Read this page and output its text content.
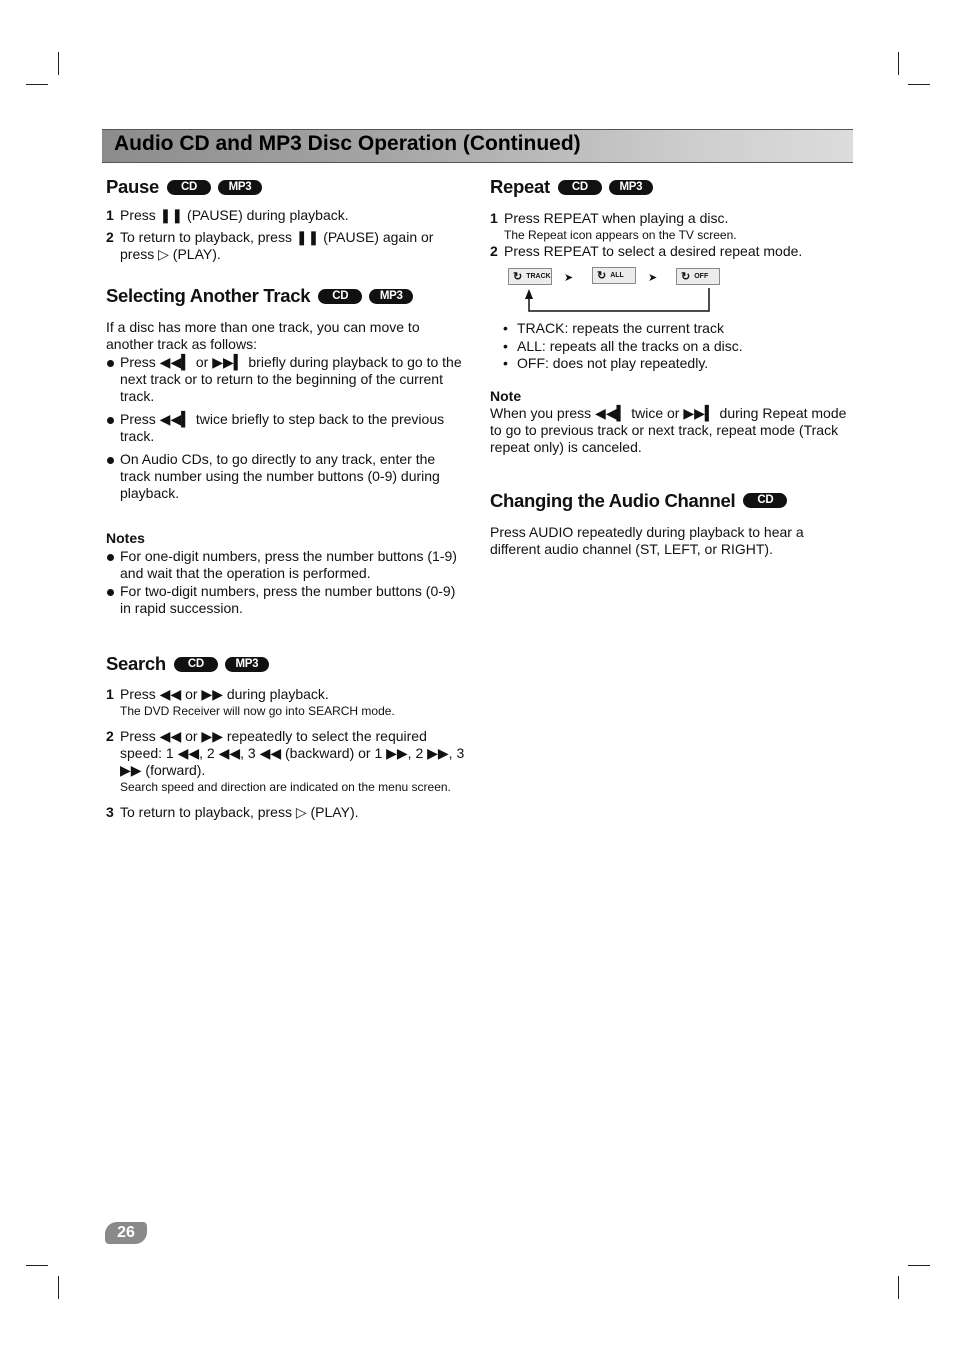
Audio CD and MP3 Disc Operation (Continued)
Pause	CD	MP3
1 Press ❚❚ (PAUSE) during playback.
2 To return to playback, press ❚❚ (PAUSE) again or press ▷ (PLAY).
Selecting Another Track	CD	MP3
If a disc has more than one track, you can move to another track as follows:
Press ◀◀▍ or ▶▶▍ briefly during playback to go to the next track or to return to the beginning of the current track.
Press ◀◀▍ twice briefly to step back to the previous track.
On Audio CDs, to go directly to any track, enter the track number using the number buttons (0-9) during playback.
Notes
For one-digit numbers, press the number buttons (1-9) and wait that the operation is performed.
For two-digit numbers, press the number buttons (0-9) in rapid succession.
Search	CD	MP3
1 Press ◀◀ or ▶▶ during playback.
The DVD Receiver will now go into SEARCH mode.
2 Press ◀◀ or ▶▶ repeatedly to select the required speed: 1 ◀◀, 2 ◀◀, 3 ◀◀ (backward) or 1 ▶▶, 2 ▶▶, 3 ▶▶ (forward).
Search speed and direction are indicated on the menu screen.
3 To return to playback, press ▷ (PLAY).
Repeat	CD	MP3
1 Press REPEAT when playing a disc.
The Repeat icon appears on the TV screen.
2 Press REPEAT to select a desired repeat mode.
↻ TRACK ➤ ↻ ALL ➤ ↻ OFF
• TRACK: repeats the current track
• ALL: repeats all the tracks on a disc.
• OFF: does not play repeatedly.
Note
When you press ◀◀▍ twice or ▶▶▍ during Repeat mode to go to previous track or next track, repeat mode (Track repeat only) is canceled.
Changing the Audio Channel	CD
Press AUDIO repeatedly during playback to hear a different audio channel (ST, LEFT, or RIGHT).
26
